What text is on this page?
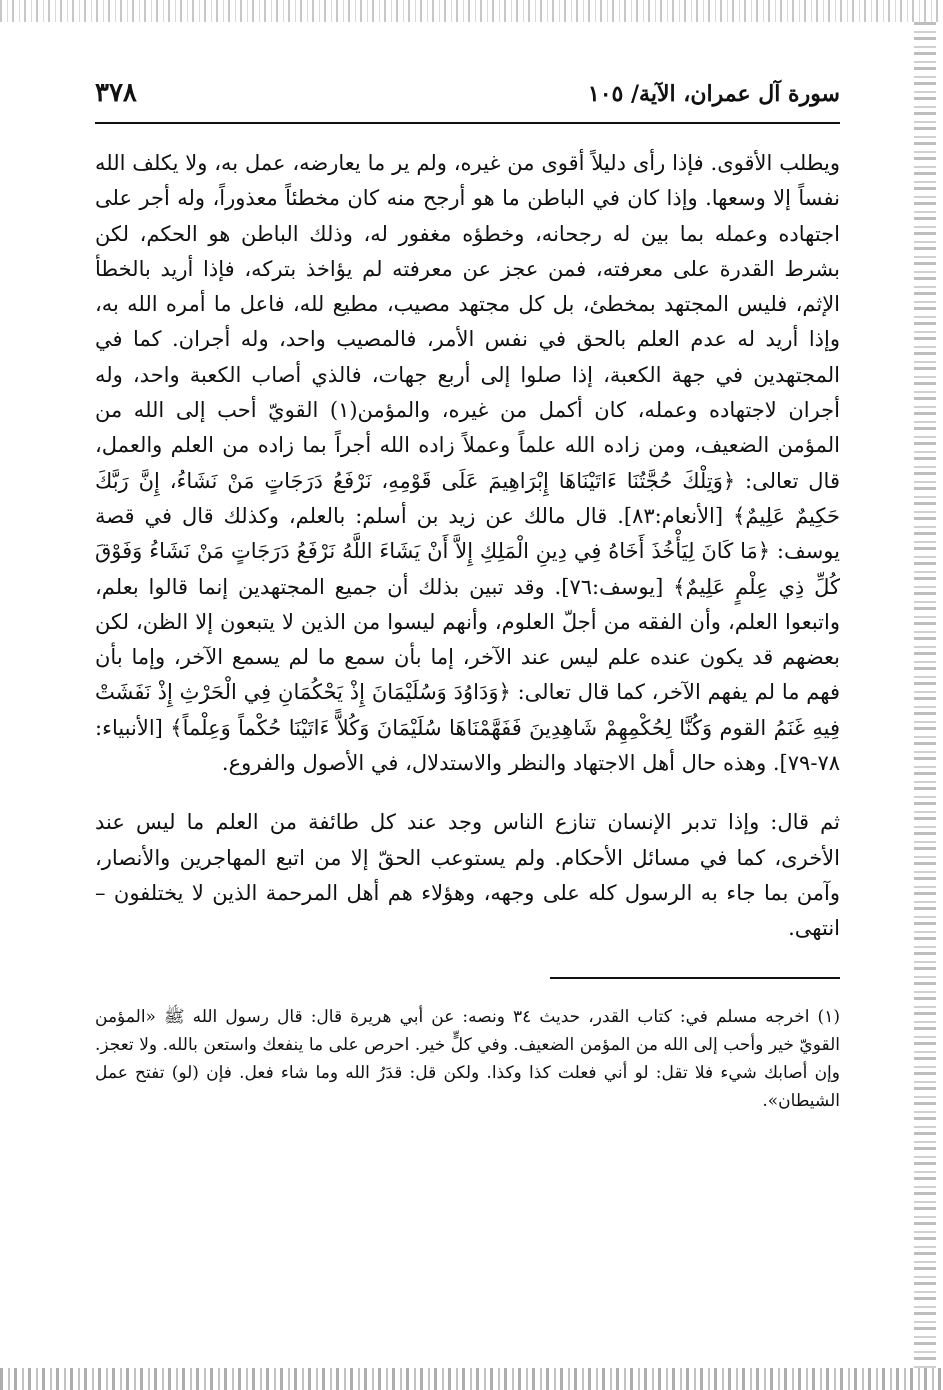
سورة آل عمران، الآية/ ١٠٥
٣٧٨

ويطلب الأقوى. فإذا رأى دليلاً أقوى من غيره، ولم ير ما يعارضه، عمل به، ولا يكلف الله نفساً إلا وسعها. وإذا كان في الباطن ما هو أرجح منه كان مخطئاً معذوراً، وله أجر على اجتهاده وعمله بما بين له رجحانه، وخطؤه مغفور له، وذلك الباطن هو الحكم، لكن بشرط القدرة على معرفته، فمن عجز عن معرفته لم يؤاخذ بتركه، فإذا أريد بالخطأ الإثم، فليس المجتهد بمخطئ، بل كل مجتهد مصيب، مطيع لله، فاعل ما أمره الله به، وإذا أريد له عدم العلم بالحق في نفس الأمر، فالمصيب واحد، وله أجران. كما في المجتهدين في جهة الكعبة، إذا صلوا إلى أربع جهات، فالذي أصاب الكعبة واحد، وله أجران لاجتهاده وعمله، كان أكمل من غيره، والمؤمن(١) القويّ أحب إلى الله من المؤمن الضعيف، ومن زاده الله علماً وعملاً زاده الله أجراً بما زاده من العلم والعمل، قال تعالى: ﴿وَتِلْكَ حُجَّتُنَا ءَاتَيْنَاهَا إِبْرَاهِيمَ عَلَى قَوْمِهِ، نَرْفَعُ دَرَجَاتٍ مَنْ نَشَاءُ، إِنَّ رَبَّكَ حَكِيمٌ عَلِيمٌ﴾ [الأنعام:٨٣]. قال مالك عن زيد بن أسلم: بالعلم، وكذلك قال في قصة يوسف: ﴿مَا كَانَ لِيَأْخُذَ أَخَاهُ فِي دِينِ الْمَلِكِ إِلاَّ أَنْ يَشَاءَ اللَّهُ نَرْفَعُ دَرَجَاتٍ مَنْ نَشَاءُ وَفَوْقَ كُلِّ ذِي عِلْمٍ عَلِيمٌ﴾ [يوسف:٧٦]. وقد تبين بذلك أن جميع المجتهدين إنما قالوا بعلم، واتبعوا العلم، وأن الفقه من أجلّ العلوم، وأنهم ليسوا من الذين لا يتبعون إلا الظن، لكن بعضهم قد يكون عنده علم ليس عند الآخر، إما بأن سمع ما لم يسمع الآخر، وإما بأن فهم ما لم يفهم الآخر، كما قال تعالى: ﴿وَدَاوُدَ وَسُلَيْمَانَ إِذْ يَحْكُمَانِ فِي الْحَرْثِ إِذْ نَفَشَتْ فِيهِ غَنَمُ القوم وَكُنَّا لِحُكْمِهِمْ شَاهِدِينَ فَفَهَّمْنَاهَا سُلَيْمَانَ وَكُلاًّ ءَاتَيْنَا حُكْماً وَعِلْماً﴾ [الأنبياء: ٧٨-٧٩]. وهذه حال أهل الاجتهاد والنظر والاستدلال، في الأصول والفروع.

ثم قال: وإذا تدبر الإنسان تنازع الناس وجد عند كل طائفة من العلم ما ليس عند الأخرى، كما في مسائل الأحكام. ولم يستوعب الحقّ إلا من اتبع المهاجرين والأنصار، وآمن بما جاء به الرسول كله على وجهه، وهؤلاء هم أهل المرحمة الذين لا يختلفون – انتهى.

(١) اخرجه مسلم في: كتاب القدر، حديث ٣٤ ونصه: عن أبي هريرة قال: قال رسول الله ﷺ «المؤمن القويّ خير وأحب إلى الله من المؤمن الضعيف. وفي كلٍّ خير. احرص على ما ينفعك واستعن بالله. ولا تعجز. وإن أصابك شيء فلا تقل: لو أني فعلت كذا وكذا. ولكن قل: قدَرُ الله وما شاء فعل. فإن (لو) تفتح عمل الشيطان».
